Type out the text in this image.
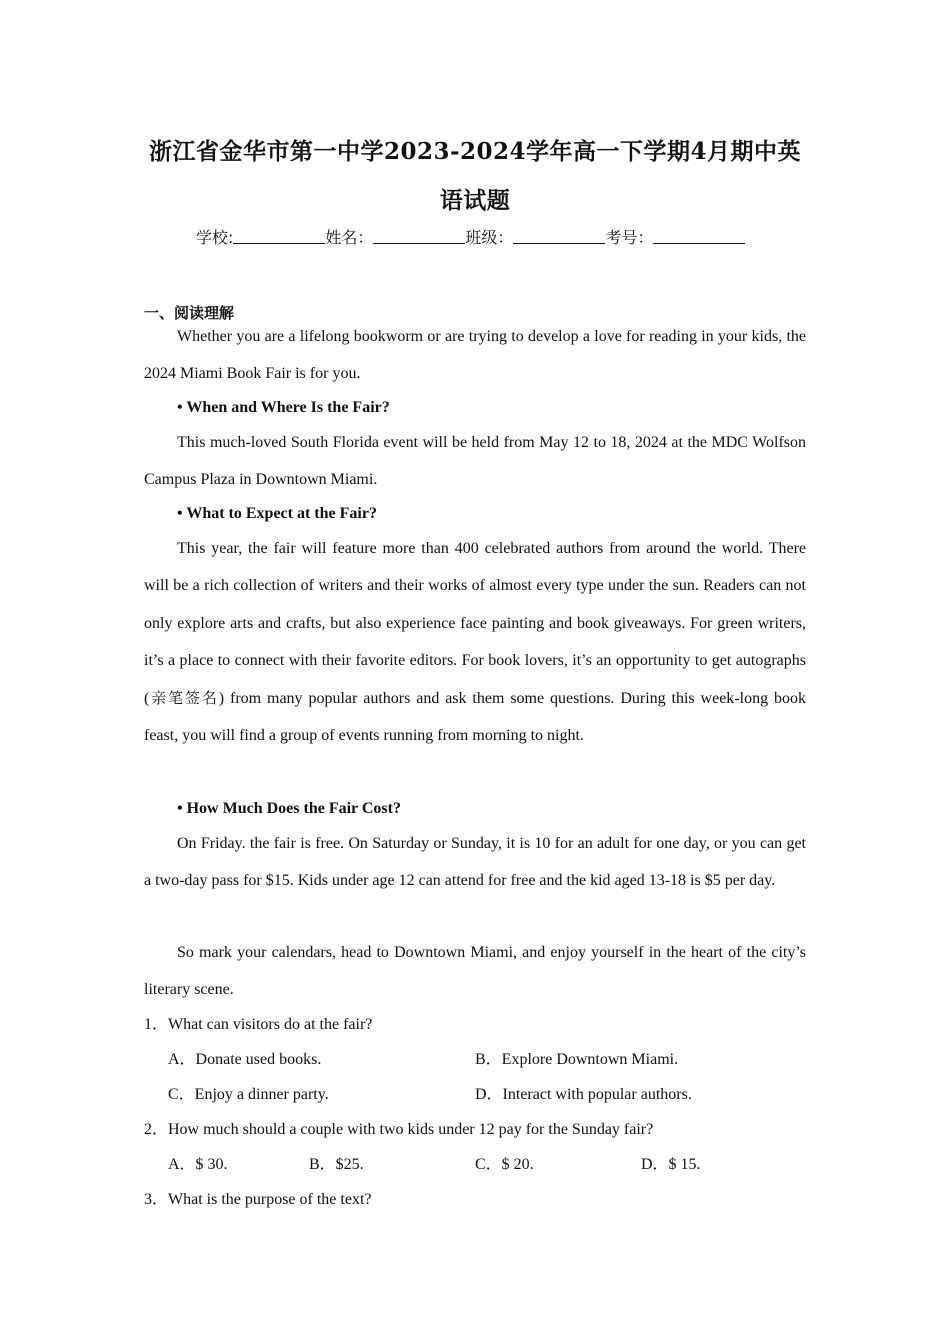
浙江省金华市第一中学2023-2024学年高一下学期4月期中英
语试题
学校:	姓名：	班级：	考号：
一、阅读理解
Whether you are a lifelong bookworm or are trying to develop a love for reading in your kids, the 2024 Miami Book Fair is for you.
• When and Where Is the Fair?
This much-loved South Florida event will be held from May 12 to 18, 2024 at the MDC Wolfson Campus Plaza in Downtown Miami.
• What to Expect at the Fair?
This year, the fair will feature more than 400 celebrated authors from around the world. There will be a rich collection of writers and their works of almost every type under the sun. Readers can not only explore arts and crafts, but also experience face painting and book giveaways. For green writers, it’s a place to connect with their favorite editors. For book lovers, it’s an opportunity to get autographs (亲笔签名) from many popular authors and ask them some questions. During this week-long book feast, you will find a group of events running from morning to night.
• How Much Does the Fair Cost?
On Friday. the fair is free. On Saturday or Sunday, it is 10 for an adult for one day, or you can get a two-day pass for $15. Kids under age 12 can attend for free and the kid aged 13-18 is $5 per day.
So mark your calendars, head to Downtown Miami, and enjoy yourself in the heart of the city’s literary scene.
1．What can visitors do at the fair?
A．Donate used books.	B．Explore Downtown Miami.
C．Enjoy a dinner party.	D．Interact with popular authors.
2．How much should a couple with two kids under 12 pay for the Sunday fair?
A．$ 30.	B．$25.	C．$ 20.	D．$ 15.
3．What is the purpose of the text?
